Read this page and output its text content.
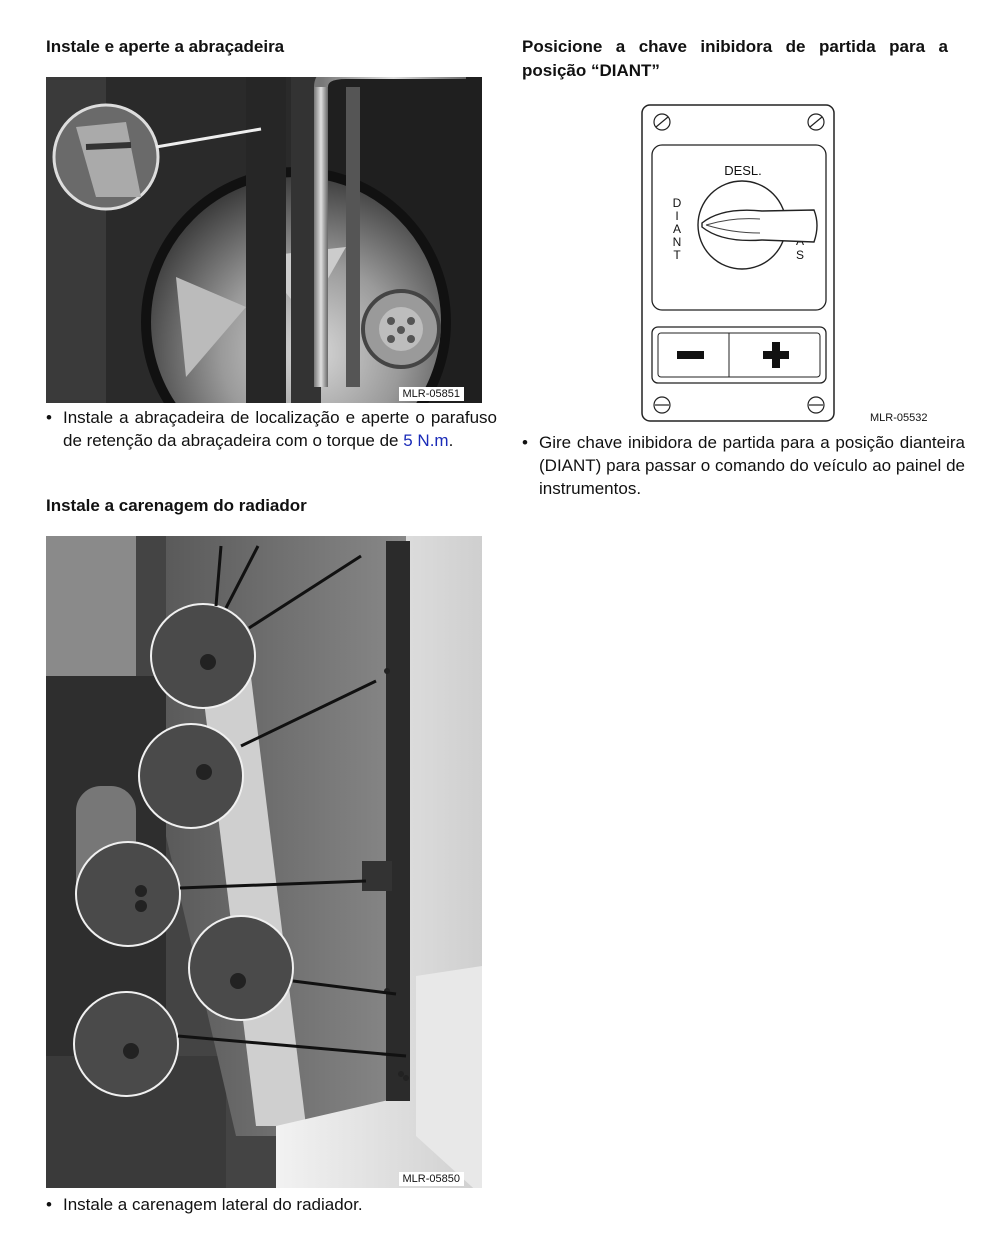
Instale e aperte a abraçadeira
MLR-05851

• Instale a abraçadeira de localização e aperte o parafuso de retenção da abraçadeira com o torque de 5 N.m.

Instale a carenagem do radiador
MLR-05850

• Instale a carenagem lateral do radiador.

Posicione a chave inibidora de partida para a posição “DIANT”
DESL.
D
I
A
N
T	S
MLR-05532

• Gire chave inibidora de partida para a posição dianteira (DIANT) para passar o comando do veículo ao painel de instrumentos.
